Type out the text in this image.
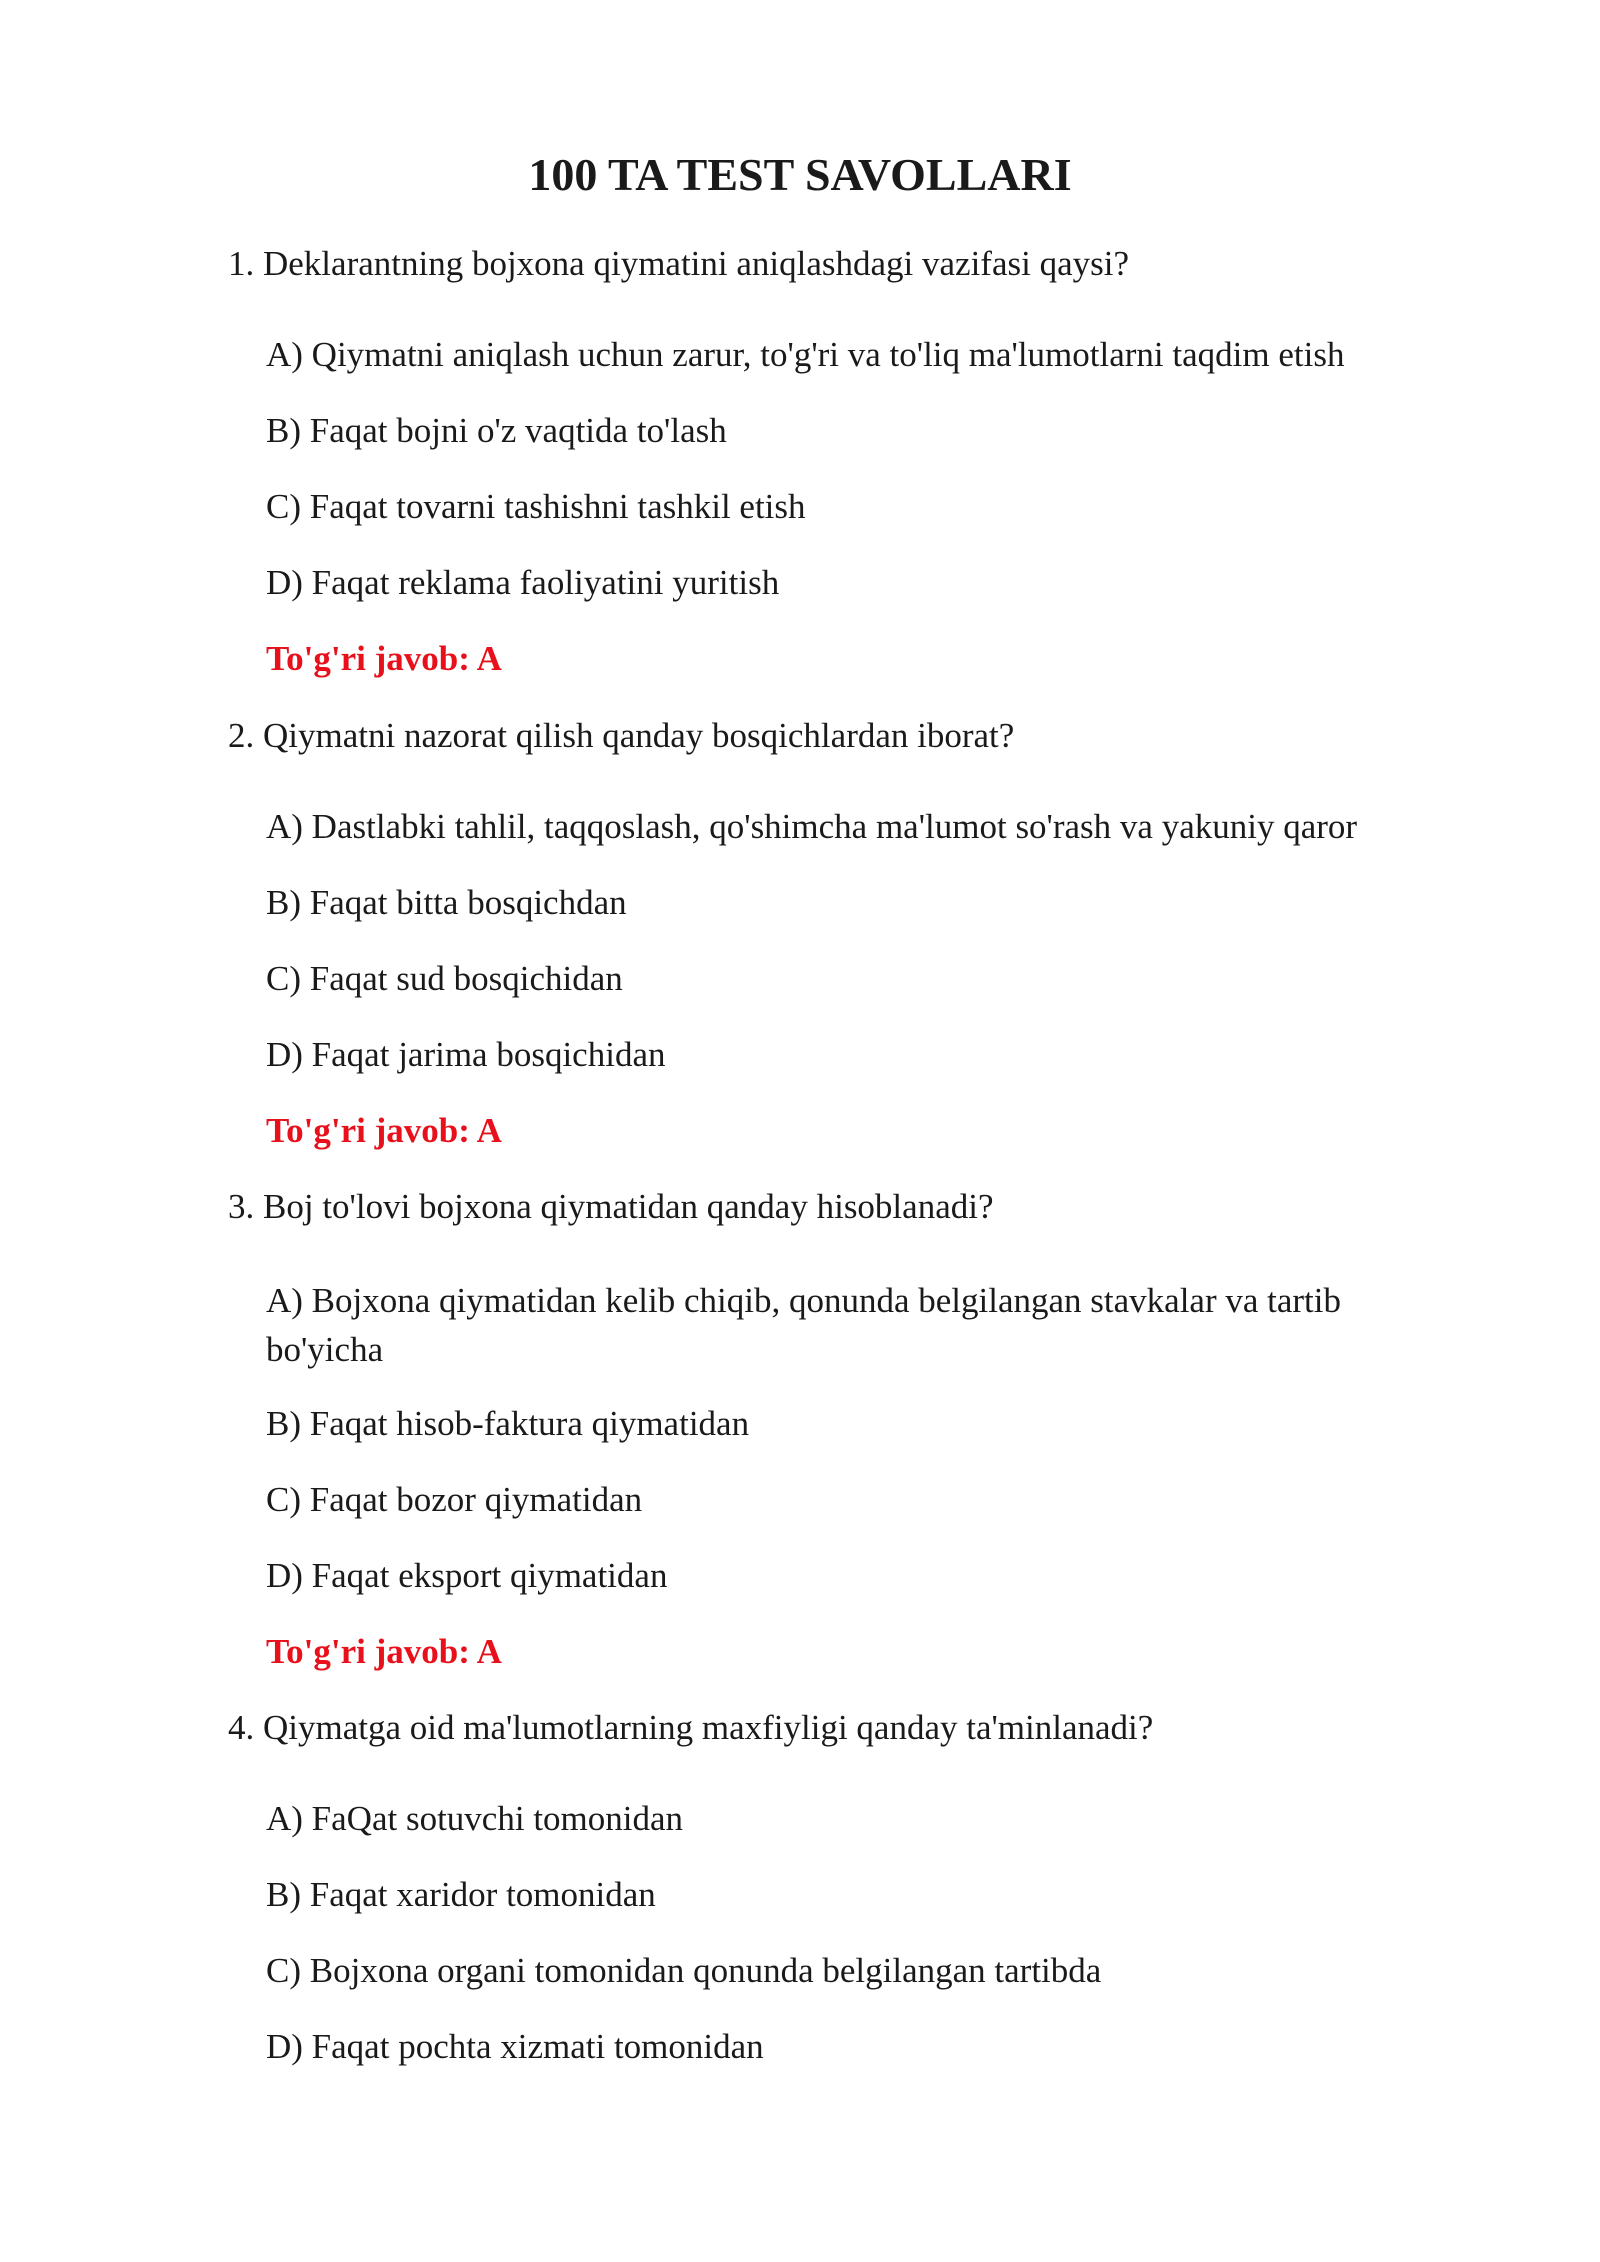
100 TA TEST SAVOLLARI

1. Deklarantning bojxona qiymatini aniqlashdagi vazifasi qaysi?

A) Qiymatni aniqlash uchun zarur, to'g'ri va to'liq ma'lumotlarni taqdim etish

B) Faqat bojni o'z vaqtida to'lash

C) Faqat tovarni tashishni tashkil etish

D) Faqat reklama faoliyatini yuritish

To'g'ri javob: A

2. Qiymatni nazorat qilish qanday bosqichlardan iborat?

A) Dastlabki tahlil, taqqoslash, qo'shimcha ma'lumot so'rash va yakuniy qaror

B) Faqat bitta bosqichdan

C) Faqat sud bosqichidan

D) Faqat jarima bosqichidan

To'g'ri javob: A

3. Boj to'lovi bojxona qiymatidan qanday hisoblanadi?

A) Bojxona qiymatidan kelib chiqib, qonunda belgilangan stavkalar va tartib bo'yicha

B) Faqat hisob-faktura qiymatidan

C) Faqat bozor qiymatidan

D) Faqat eksport qiymatidan

To'g'ri javob: A

4. Qiymatga oid ma'lumotlarning maxfiyligi qanday ta'minlanadi?

A) FaQat sotuvchi tomonidan

B) Faqat xaridor tomonidan

C) Bojxona organi tomonidan qonunda belgilangan tartibda

D) Faqat pochta xizmati tomonidan
